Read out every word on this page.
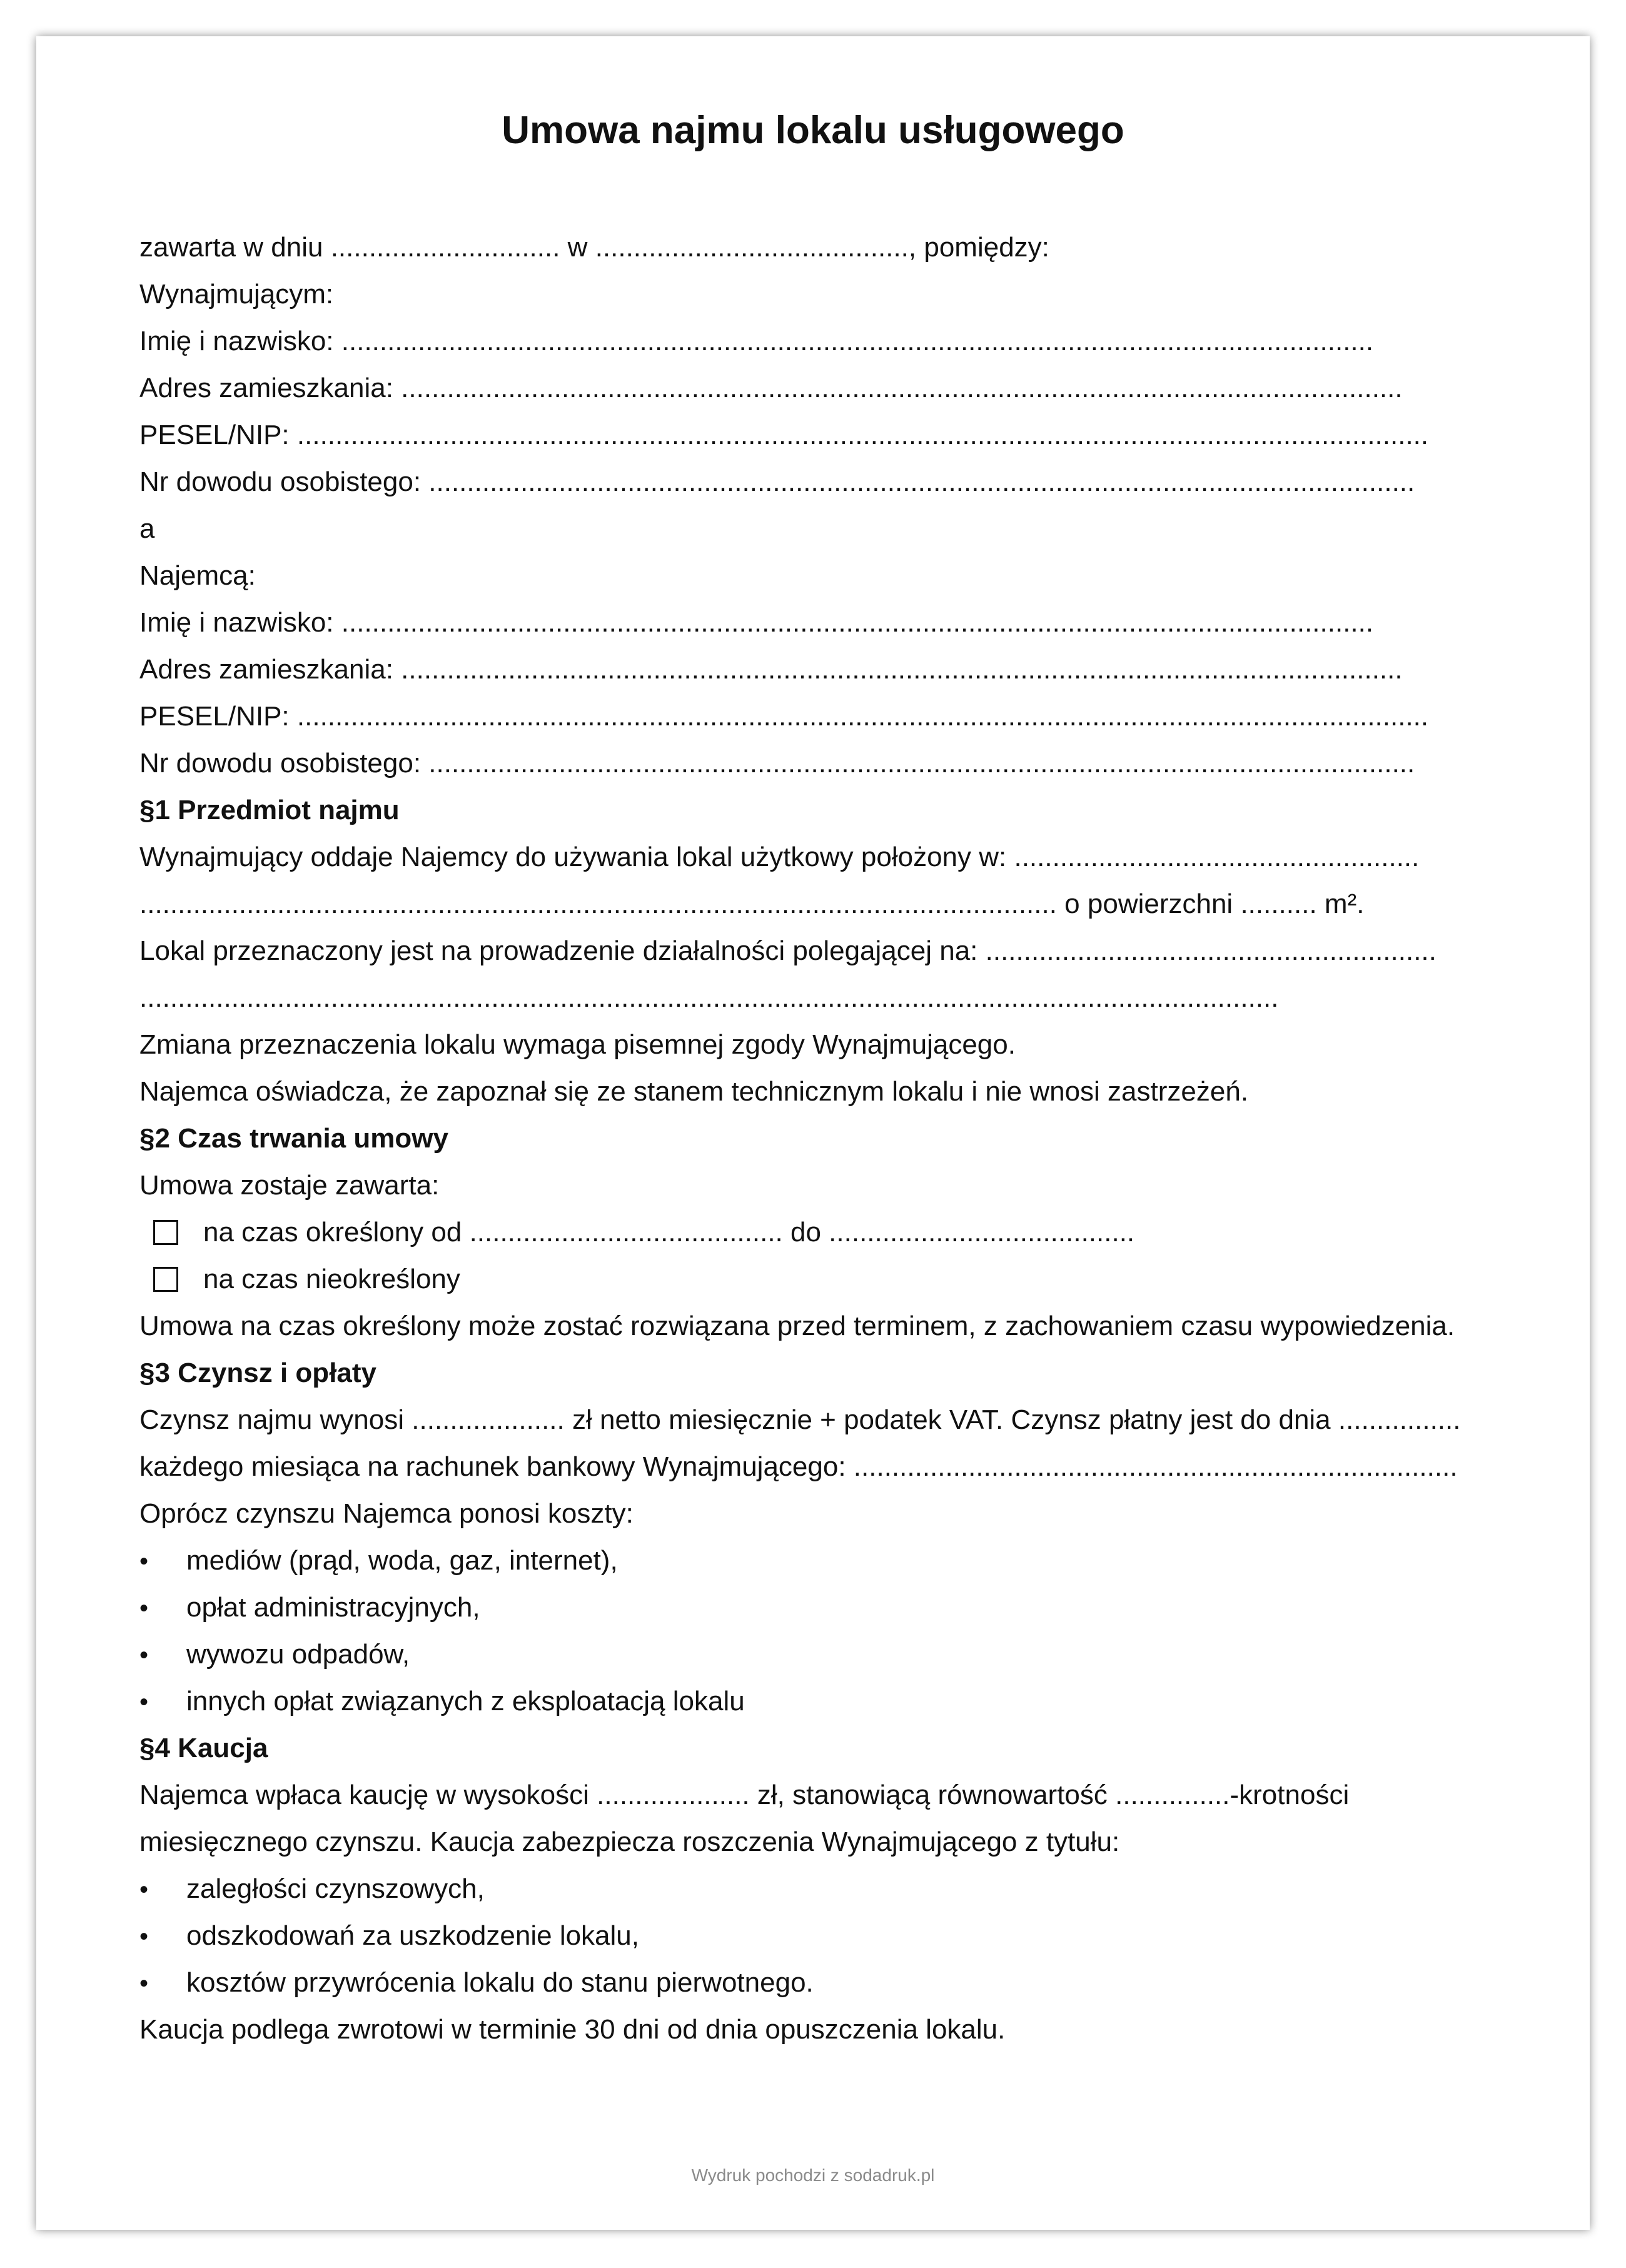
Umowa najmu lokalu usługowego
zawarta w dniu .............................. w ........................................., pomiędzy:
Wynajmującym:
Imię i nazwisko: .......................................................................................................................................
Adres zamieszkania: ...................................................................................................................................
PESEL/NIP: ....................................................................................................................................................
Nr dowodu osobistego: .................................................................................................................................
a
Najemcą:
Imię i nazwisko: .......................................................................................................................................
Adres zamieszkania: ...................................................................................................................................
PESEL/NIP: ....................................................................................................................................................
Nr dowodu osobistego: .................................................................................................................................
§1 Przedmiot najmu
Wynajmujący oddaje Najemcy do używania lokal użytkowy położony w: .....................................................
........................................................................................................................ o powierzchni .......... m².
Lokal przeznaczony jest na prowadzenie działalności polegającej na: ...........................................................
.....................................................................................................................................................
Zmiana przeznaczenia lokalu wymaga pisemnej zgody Wynajmującego.
Najemca oświadcza, że zapoznał się ze stanem technicznym lokalu i nie wnosi zastrzeżeń.
§2 Czas trwania umowy
Umowa zostaje zawarta:
na czas określony od ......................................... do ........................................
na czas nieokreślony
Umowa na czas określony może zostać rozwiązana przed terminem, z zachowaniem czasu wypowiedzenia.
§3 Czynsz i opłaty
Czynsz najmu wynosi .................... zł netto miesięcznie + podatek VAT. Czynsz płatny jest do dnia ................
każdego miesiąca na rachunek bankowy Wynajmującego: ...............................................................................
Oprócz czynszu Najemca ponosi koszty:
• mediów (prąd, woda, gaz, internet),
• opłat administracyjnych,
• wywozu odpadów,
• innych opłat związanych z eksploatacją lokalu
§4 Kaucja
Najemca wpłaca kaucję w wysokości .................... zł, stanowiącą równowartość ...............-krotności
miesięcznego czynszu. Kaucja zabezpiecza roszczenia Wynajmującego z tytułu:
• zaległości czynszowych,
• odszkodowań za uszkodzenie lokalu,
• kosztów przywrócenia lokalu do stanu pierwotnego.
Kaucja podlega zwrotowi w terminie 30 dni od dnia opuszczenia lokalu.
Wydruk pochodzi z sodadruk.pl
